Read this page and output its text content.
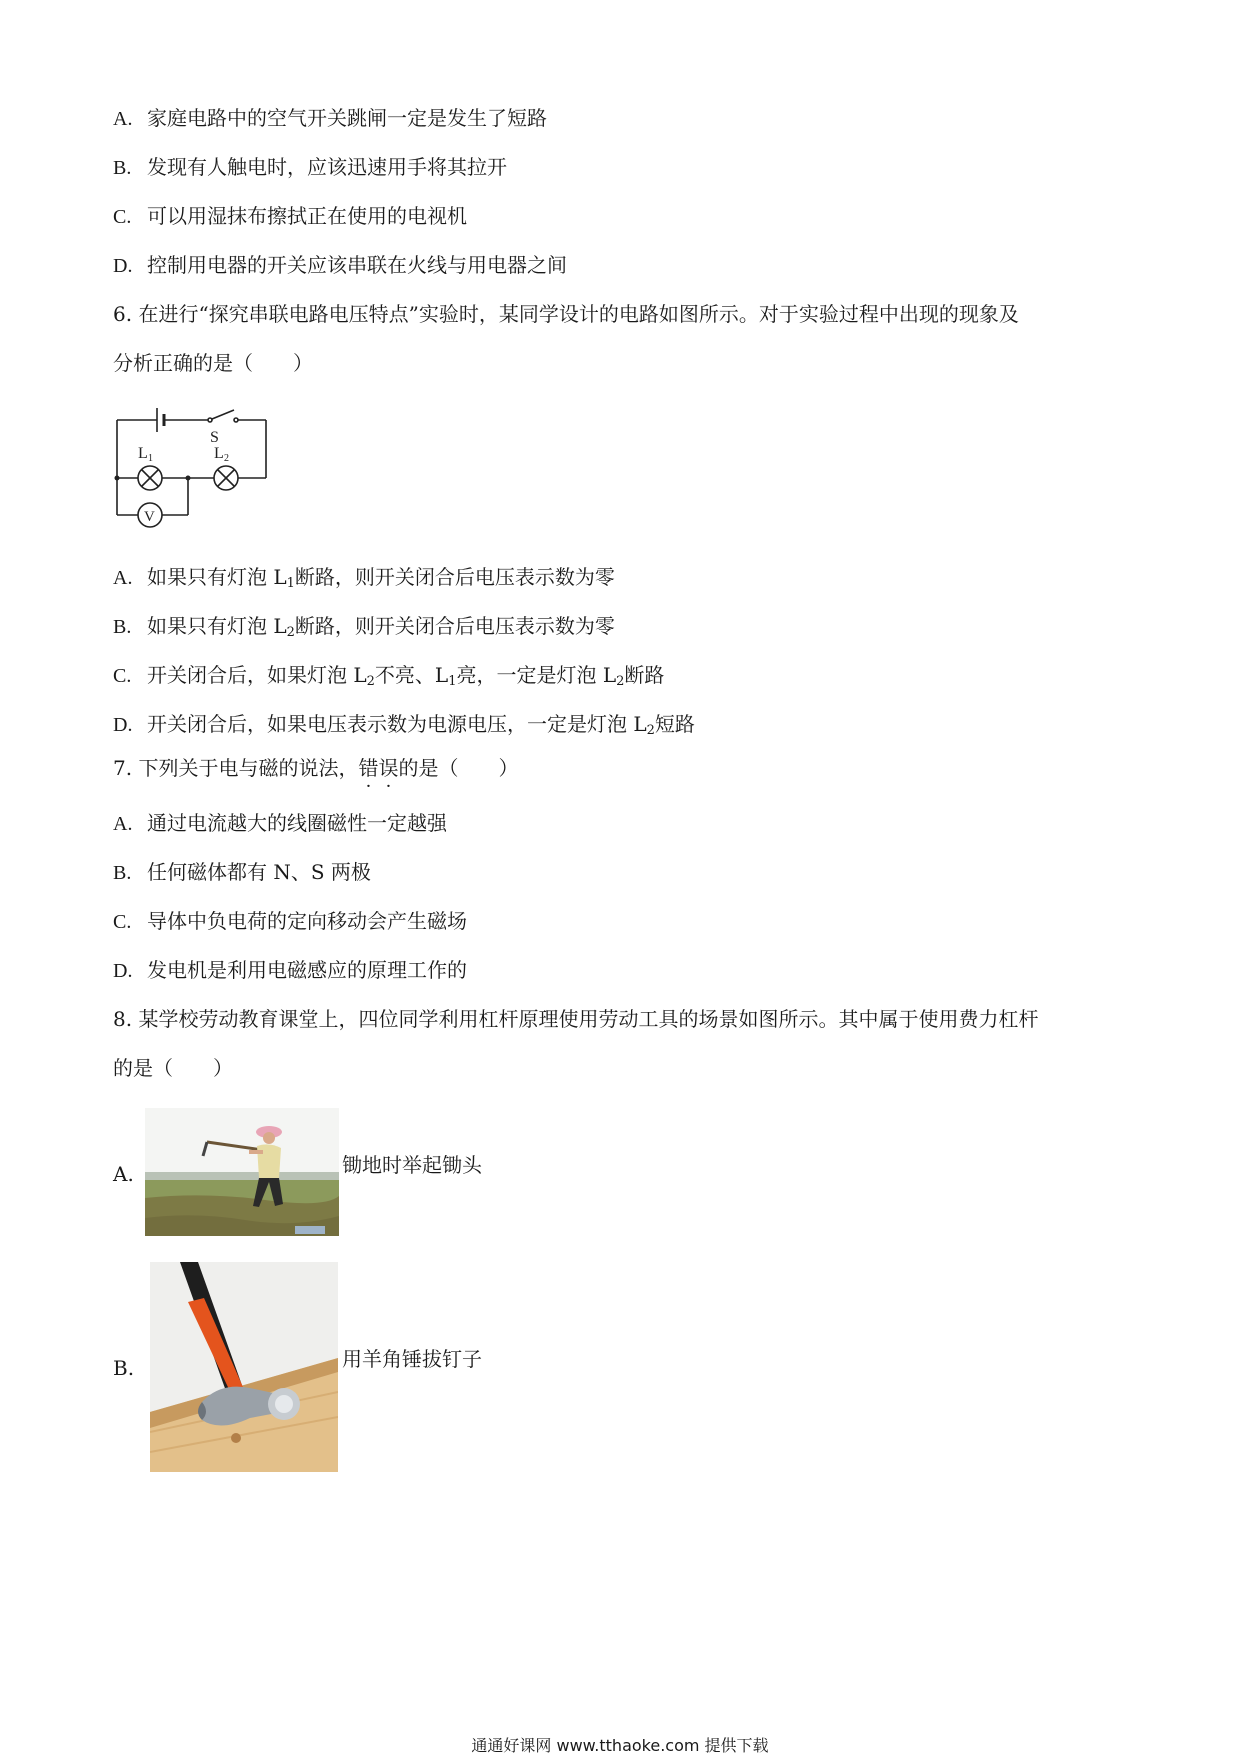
A. 家庭电路中的空气开关跳闸一定是发生了短路
B. 发现有人触电时，应该迅速用手将其拉开
C. 可以用湿抹布擦拭正在使用的电视机
D. 控制用电器的开关应该串联在火线与用电器之间
6. 在进行“探究串联电路电压特点”实验时，某同学设计的电路如图所示。对于实验过程中出现的现象及
分析正确的是（　　）
S
L 1	L 2
V
A. 如果只有灯泡 $L_1$断路，则开关闭合后电压表示数为零
B. 如果只有灯泡 $L_2$断路，则开关闭合后电压表示数为零
C. 开关闭合后，如果灯泡 $L_2$不亮、$L_1$亮，一定是灯泡 $L_2$断路
D. 开关闭合后，如果电压表示数为电源电压，一定是灯泡 $L_2$短路
7. 下列关于电与磁的说法，错误的是（　　）
A. 通过电流越大的线圈磁性一定越强
B. 任何磁体都有 N、S 两极
C. 导体中负电荷的定向移动会产生磁场
D. 发电机是利用电磁感应的原理工作的
8. 某学校劳动教育课堂上，四位同学利用杠杆原理使用劳动工具的场景如图所示。其中属于使用费力杠杆
的是（　　）
A.	锄地时举起锄头
B.	用羊角锤拔钉子
通通好课网 www.tthaoke.com 提供下载
